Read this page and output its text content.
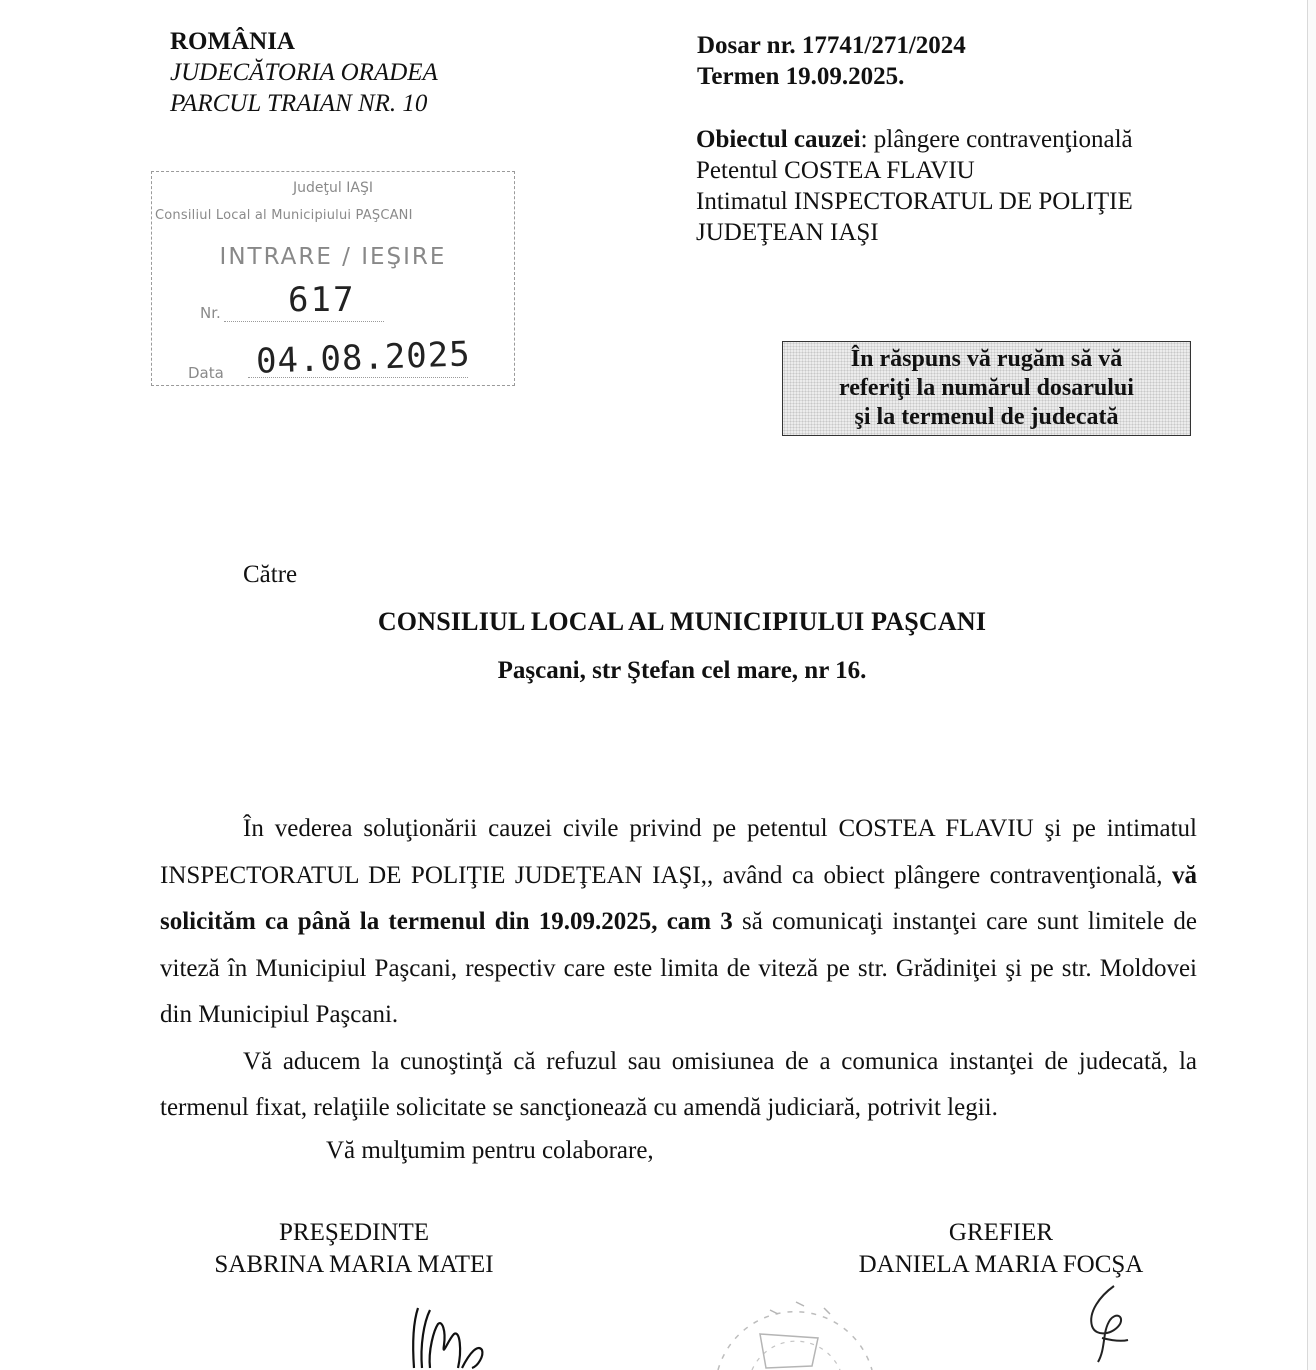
ROMÂNIA
JUDECĂTORIA ORADEA
PARCUL TRAIAN NR. 10
Dosar nr. 17741/271/2024
Termen 19.09.2025.
Obiectul cauzei: plângere contravenţională
Petentul COSTEA FLAVIU
Intimatul INSPECTORATUL DE POLIŢIE
JUDEŢEAN IAŞI
Judeţul IAŞI
Consiliul Local al Municipiului PAŞCANI
INTRARE / IEŞIRE
Nr. 617
Data 04.08.2025	În răspuns vă rugăm să vă
referiţi la numărul dosarului
şi la termenul de judecată
Către
CONSILIUL LOCAL AL MUNICIPIULUI PAŞCANI
Paşcani, str Ştefan cel mare, nr 16.

În vederea soluţionării cauzei civile privind pe petentul COSTEA FLAVIU şi pe intimatul INSPECTORATUL DE POLIŢIE JUDEŢEAN IAŞI,, având ca obiect plângere contravenţională, vă solicităm ca până la termenul din 19.09.2025, cam 3 să comunicaţi instanţei care sunt limitele de viteză în Municipiul Paşcani, respectiv care este limita de viteză pe str. Grădiniţei şi pe str. Moldovei din Municipiul Paşcani.

Vă aducem la cunoştinţă că refuzul sau omisiunea de a comunica instanţei de judecată, la termenul fixat, relaţiile solicitate se sancţionează cu amendă judiciară, potrivit legii.

Vă mulţumim pentru colaborare,
PREŞEDINTE
SABRINA MARIA MATEI
GREFIER
DANIELA MARIA FOCŞA
